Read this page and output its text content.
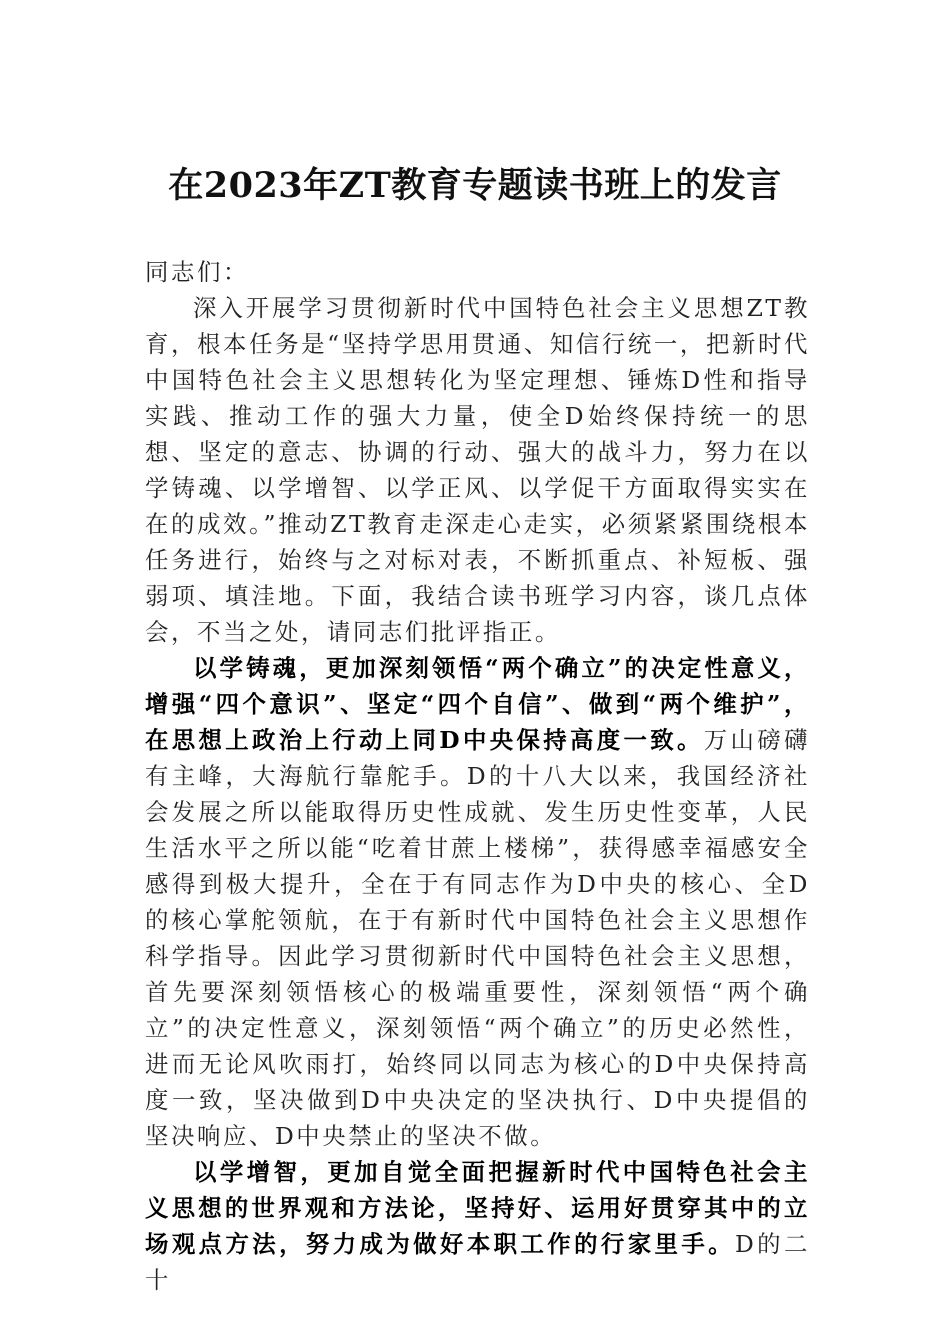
在2023年ZT教育专题读书班上的发言

同志们：

深入开展学习贯彻新时代中国特色社会主义思想ZT教育，根本任务是“坚持学思用贯通、知信行统一，把新时代中国特色社会主义思想转化为坚定理想、锤炼D性和指导实践、推动工作的强大力量，使全D始终保持统一的思想、坚定的意志、协调的行动、强大的战斗力，努力在以学铸魂、以学增智、以学正风、以学促干方面取得实实在在的成效。”推动ZT教育走深走心走实，必须紧紧围绕根本任务进行，始终与之对标对表，不断抓重点、补短板、强弱项、填洼地。下面，我结合读书班学习内容，谈几点体会，不当之处，请同志们批评指正。

以学铸魂，更加深刻领悟“两个确立”的决定性意义，增强“四个意识”、坚定“四个自信”、做到“两个维护”，在思想上政治上行动上同D中央保持高度一致。万山磅礴有主峰，大海航行靠舵手。D的十八大以来，我国经济社会发展之所以能取得历史性成就、发生历史性变革，人民生活水平之所以能“吃着甘蔗上楼梯”，获得感幸福感安全感得到极大提升，全在于有同志作为D中央的核心、全D的核心掌舵领航，在于有新时代中国特色社会主义思想作科学指导。因此学习贯彻新时代中国特色社会主义思想，首先要深刻领悟核心的极端重要性，深刻领悟“两个确立”的决定性意义，深刻领悟“两个确立”的历史必然性，进而无论风吹雨打，始终同以同志为核心的D中央保持高度一致，坚决做到D中央决定的坚决执行、D中央提倡的坚决响应、D中央禁止的坚决不做。

以学增智，更加自觉全面把握新时代中国特色社会主义思想的世界观和方法论，坚持好、运用好贯穿其中的立场观点方法，努力成为做好本职工作的行家里手。D的二十
